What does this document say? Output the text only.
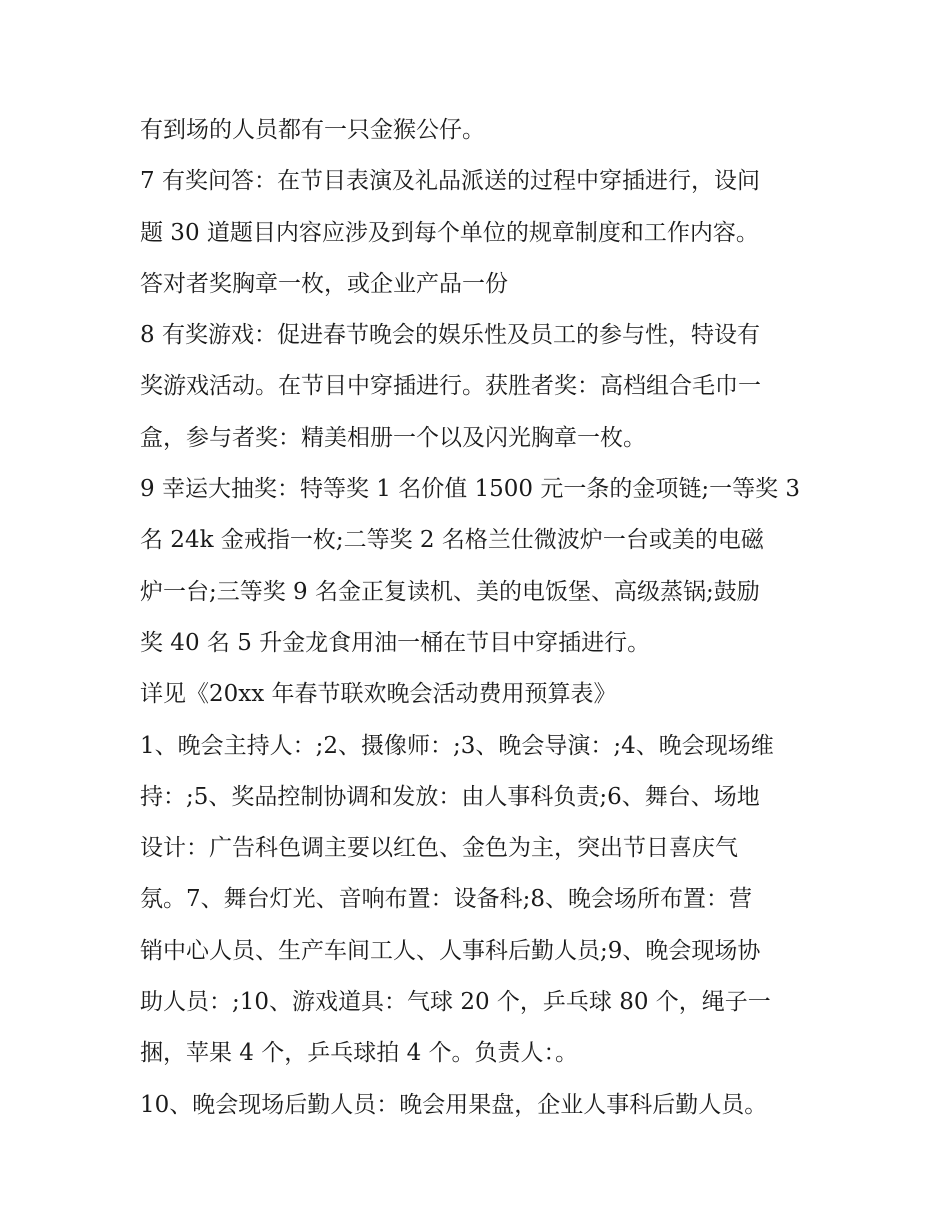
有到场的人员都有一只金猴公仔。
7 有奖问答：在节目表演及礼品派送的过程中穿插进行，设问
题 30 道题目内容应涉及到每个单位的规章制度和工作内容。
答对者奖胸章一枚，或企业产品一份
8 有奖游戏：促进春节晚会的娱乐性及员工的参与性，特设有
奖游戏活动。在节目中穿插进行。获胜者奖：高档组合毛巾一
盒，参与者奖：精美相册一个以及闪光胸章一枚。
9 幸运大抽奖：特等奖 1 名价值 1500 元一条的金项链;一等奖 3
名 24k 金戒指一枚;二等奖 2 名格兰仕微波炉一台或美的电磁
炉一台;三等奖 9 名金正复读机、美的电饭堡、高级蒸锅;鼓励
奖 40 名 5 升金龙食用油一桶在节目中穿插进行。
详见《20xx 年春节联欢晚会活动费用预算表》
1、晚会主持人：;2、摄像师：;3、晚会导演：;4、晚会现场维
持：;5、奖品控制协调和发放：由人事科负责;6、舞台、场地
设计：广告科色调主要以红色、金色为主，突出节日喜庆气
氛。7、舞台灯光、音响布置：设备科;8、晚会场所布置：营
销中心人员、生产车间工人、人事科后勤人员;9、晚会现场协
助人员：;10、游戏道具：气球 20 个，乒乓球 80 个，绳子一
捆，苹果 4 个，乒乓球拍 4 个。负责人：。
10、晚会现场后勤人员：晚会用果盘，企业人事科后勤人员。
